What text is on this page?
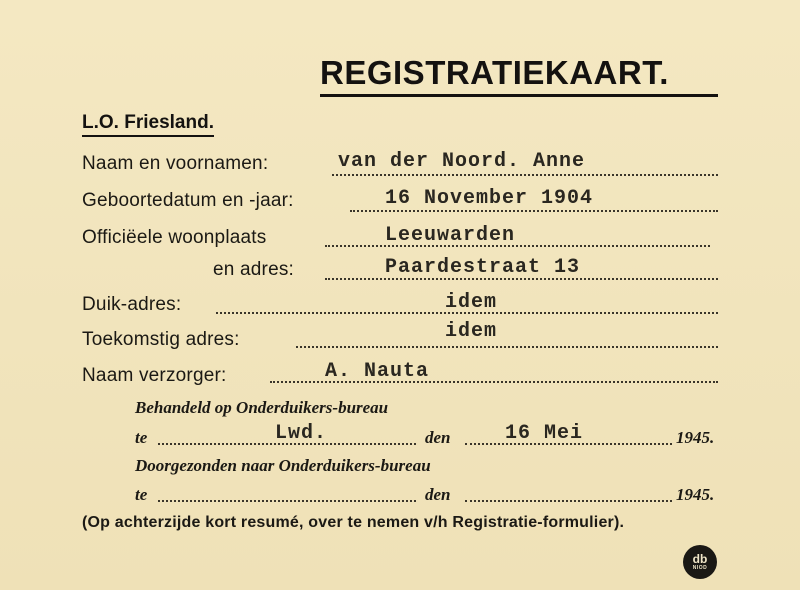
REGISTRATIEKAART.
L.O. Friesland.
Naam en voornamen:	van der Noord. Anne
Geboortedatum en -jaar:	16 November 1904
Officiëele woonplaats	Leeuwarden
en adres:	Paardestraat 13
Duik-adres:	idem
Toekomstig adres:	idem
Naam verzorger:	A. Nauta
Behandeld op Onderduikers-bureau
te	Lwd.	den	16 Mei	1945.
Doorgezonden naar Onderduikers-bureau
te	den	1945.
(Op achterzijde kort resumé, over te nemen v/h Registratie-formulier).
db
NIOD
